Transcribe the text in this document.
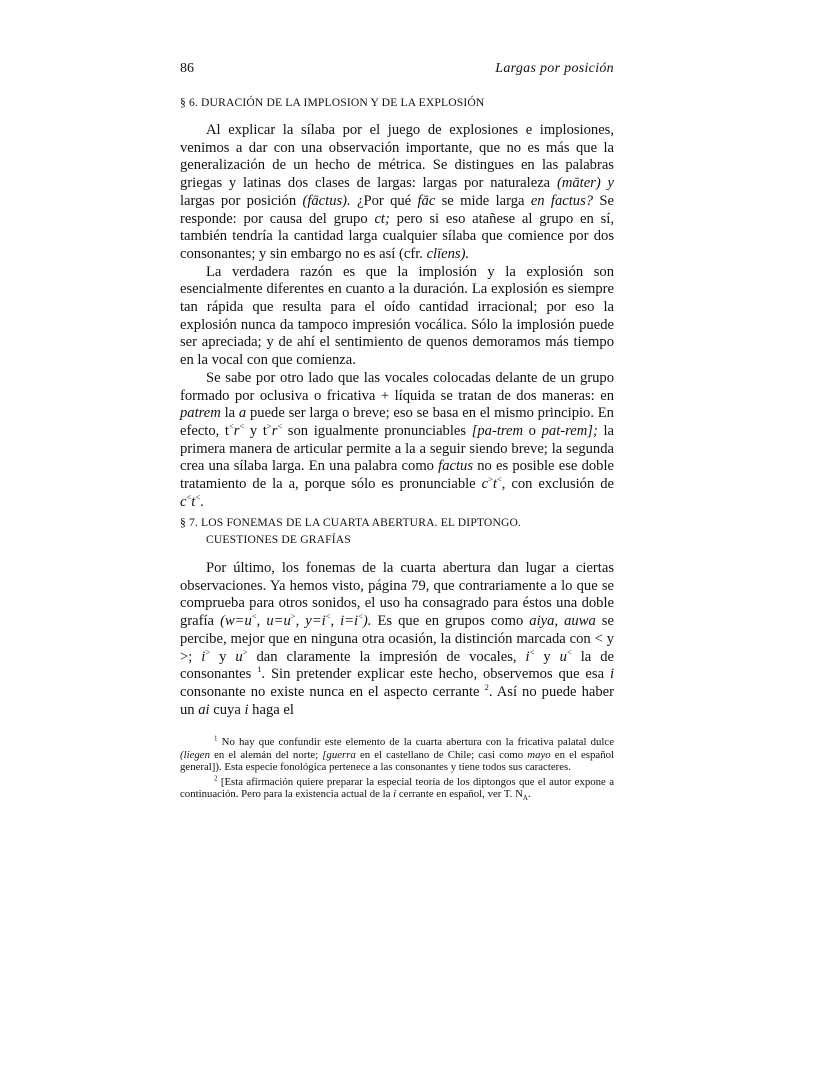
86	Largas por posición
§ 6. DURACIÓN DE LA IMPLOSION Y DE LA EXPLOSIÓN

Al explicar la sílaba por el juego de explosiones e implosiones, venimos a dar con una observación importante, que no es más que la generalización de un hecho de métrica. Se distingues en las palabras griegas y latinas dos clases de largas: largas por naturaleza (māter) y largas por posición (fāctus). ¿Por qué fāc se mide larga en factus? Se responde: por causa del grupo ct; pero si eso atañese al grupo en sí, también tendría la cantidad larga cualquier sílaba que comience por dos consonantes; y sin embargo no es así (cfr. clīens).

La verdadera razón es que la implosión y la explosión son esencialmente diferentes en cuanto a la duración. La explosión es siempre tan rápida que resulta para el oído cantidad irracional; por eso la explosión nunca da tampoco impresión vocálica. Sólo la implosión puede ser apreciada; y de ahí el sentimiento de quenos demoramos más tiempo en la vocal con que comienza.

Se sabe por otro lado que las vocales colocadas delante de un grupo formado por oclusiva o fricativa + líquida se tratan de dos maneras: en patrem la a puede ser larga o breve; eso se basa en el mismo principio. En efecto, t<r< y t>r< son igualmente pronunciables [pa-trem o pat-rem]; la primera manera de articular permite a la a seguir siendo breve; la segunda crea una sílaba larga. En una palabra como factus no es posible ese doble tratamiento de la a, porque sólo es pronunciable c>t<, con exclusión de c<t<.

§ 7. LOS FONEMAS DE LA CUARTA ABERTURA. EL DIPTONGO.
CUESTIONES DE GRAFÍAS

Por último, los fonemas de la cuarta abertura dan lugar a ciertas observaciones. Ya hemos visto, página 79, que contrariamente a lo que se comprueba para otros sonidos, el uso ha consagrado para éstos una doble grafía (w=u<, u=u>, y=i<, i=i<). Es que en grupos como aiya, auwa se percibe, mejor que en ninguna otra ocasión, la distinción marcada con < y >; i> y u> dan claramente la impresión de vocales, i< y u< la de consonantes $^1$. Sin pretender explicar este hecho, observemos que esa i consonante no existe nunca en el aspecto cerrante $^2$. Así no puede haber un ai cuya i haga el

$^1$ No hay que confundir este elemento de la cuarta abertura con la fricativa palatal dulce (liegen en el alemán del norte; [guerra en el castellano de Chile; casi como mayo en el español general]). Esta especie fonológica pertenece a las consonantes y tiene todos sus caracteres.

$^2$ [Esta afirmación quiere preparar la especial teoría de los diptongos que el autor expone a continuación. Pero para la existencia actual de la i cerrante en español, ver T. $N_A$.
